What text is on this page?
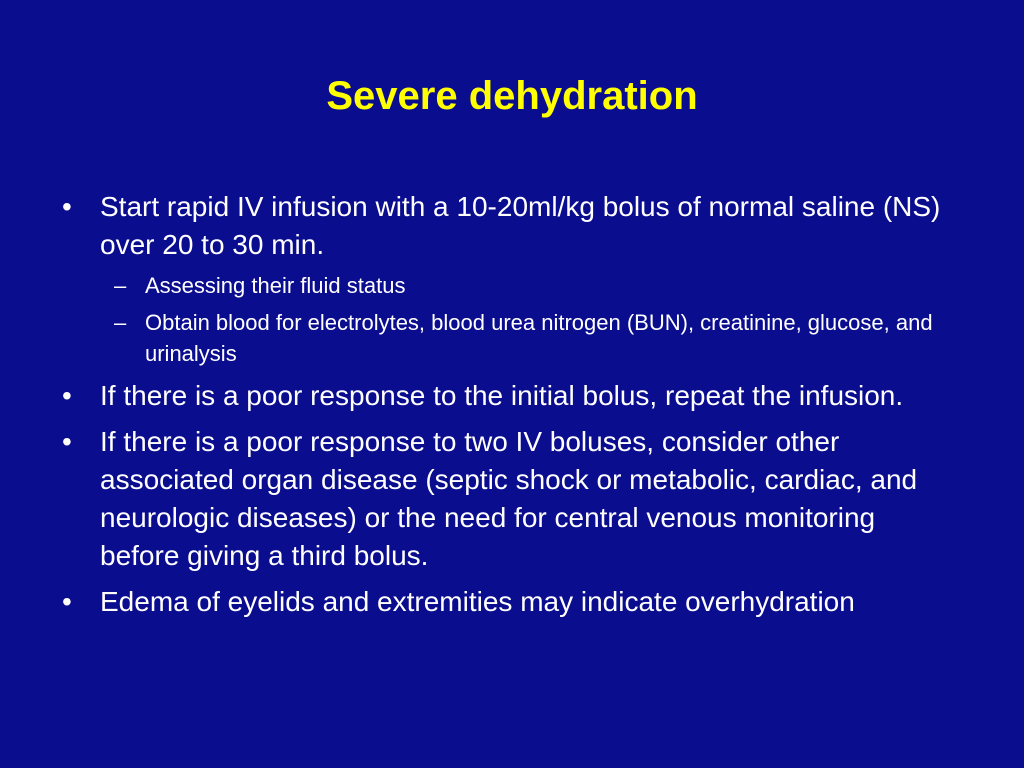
Severe dehydration
•	Start rapid IV infusion with a 10-20ml/kg bolus of normal saline (NS) over 20 to 30 min.
– Assessing their fluid status
– Obtain blood for electrolytes, blood urea nitrogen (BUN), creatinine, glucose, and urinalysis
•	If there is a poor response to the initial bolus, repeat the infusion.
•	If there is a poor response to two IV boluses, consider other associated organ disease (septic shock or metabolic, cardiac, and neurologic diseases) or the need for central venous monitoring before giving a third bolus.
•	Edema of eyelids and extremities may indicate overhydration
